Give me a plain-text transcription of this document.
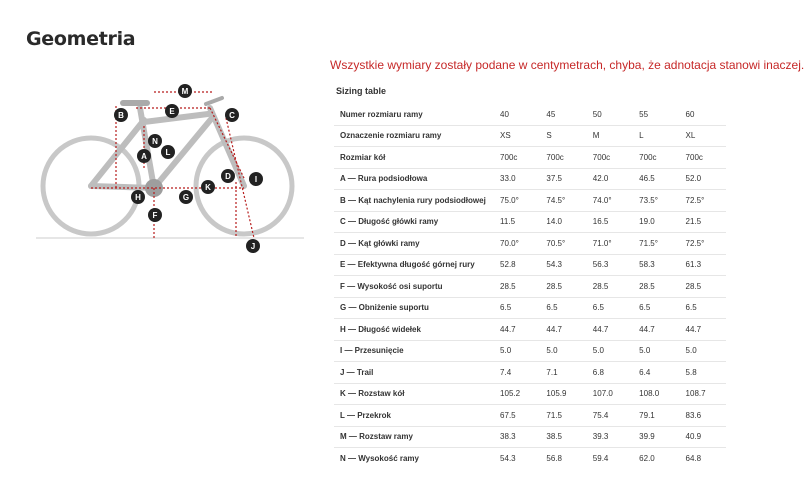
Geometria
Wszystkie wymiary zostały podane w centymetrach, chyba, że adnotacja stanowi inaczej.
M
E
B	C
N
A L
D	I
K
H	G
F
J
Sizing table
Numer rozmiaru ramy	40	45	50	55	60
Oznaczenie rozmiaru ramy	XS	S	M	L	XL
Rozmiar kół	700c	700c	700c	700c	700c
A — Rura podsiodłowa	33.0	37.5	42.0	46.5	52.0
B — Kąt nachylenia rury podsiodłowej	75.0°	74.5°	74.0°	73.5°	72.5°
C — Długość główki ramy	11.5	14.0	16.5	19.0	21.5
D — Kąt główki ramy	70.0°	70.5°	71.0°	71.5°	72.5°
E — Efektywna długość górnej rury	52.8	54.3	56.3	58.3	61.3
F — Wysokość osi suportu	28.5	28.5	28.5	28.5	28.5
G — Obniżenie suportu	6.5	6.5	6.5	6.5	6.5
H — Długość widełek	44.7	44.7	44.7	44.7	44.7
I — Przesunięcie	5.0	5.0	5.0	5.0	5.0
J — Trail	7.4	7.1	6.8	6.4	5.8
K — Rozstaw kół	105.2	105.9	107.0	108.0	108.7
L — Przekrok	67.5	71.5	75.4	79.1	83.6
M — Rozstaw ramy	38.3	38.5	39.3	39.9	40.9
N — Wysokość ramy	54.3	56.8	59.4	62.0	64.8
